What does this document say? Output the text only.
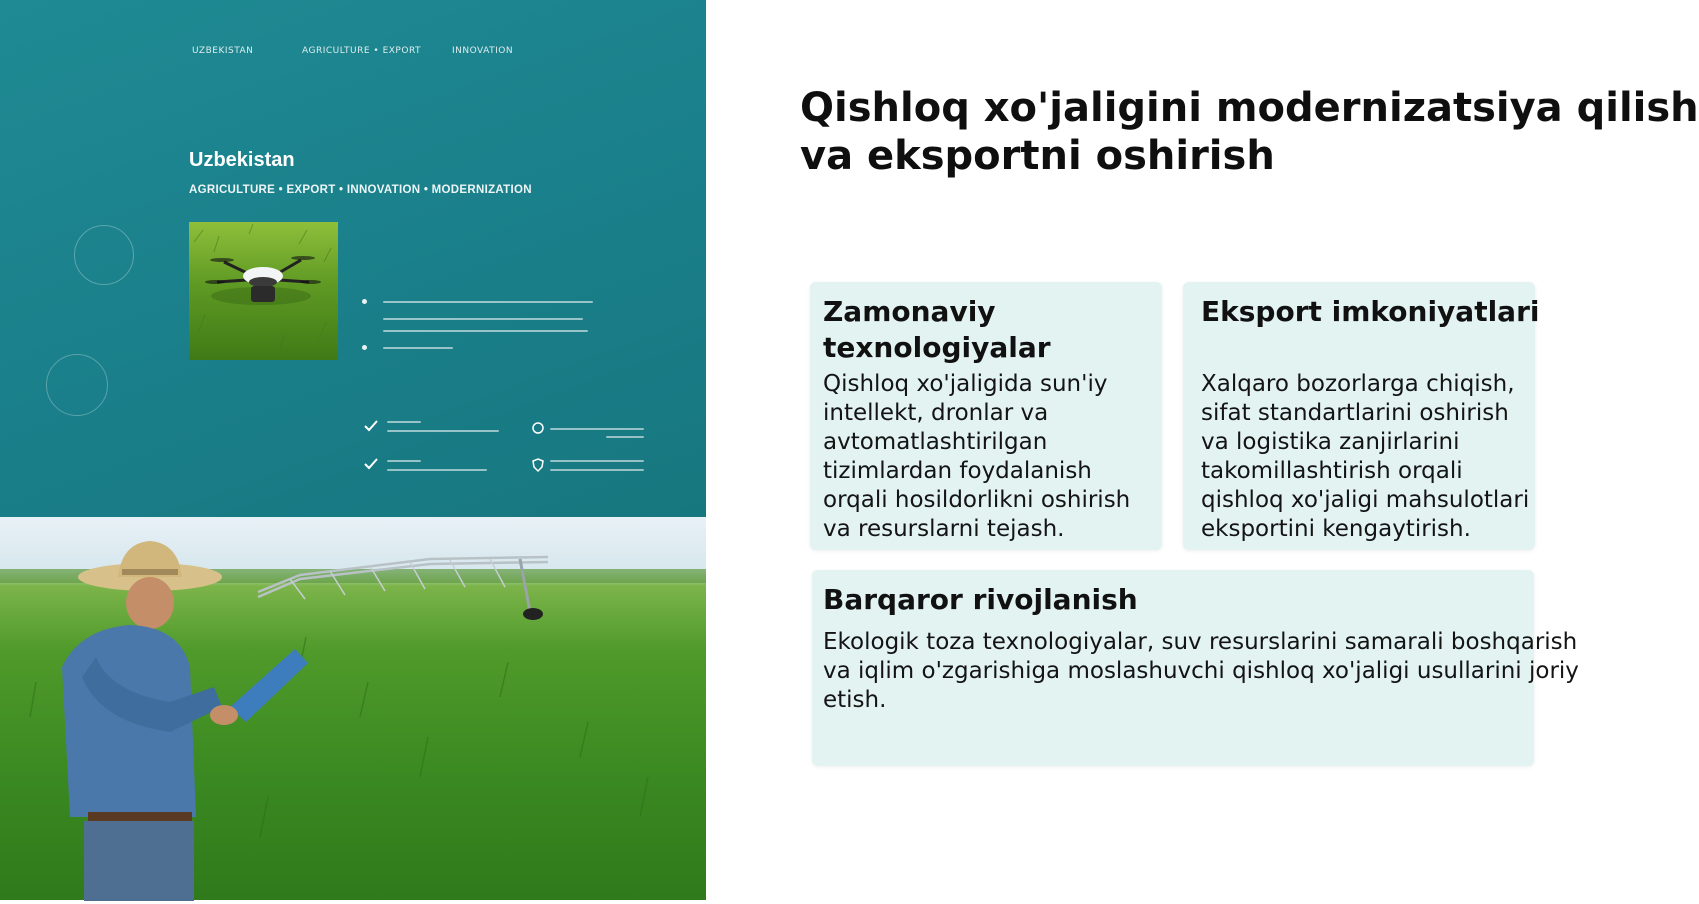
UZBEKISTAN	AGRICULTURE • EXPORT	INNOVATION
Uzbekistan
AGRICULTURE • EXPORT • INNOVATION • MODERNIZATION
Qishloq xo'jaligini modernizatsiya qilish
va eksportni oshirish
Zamonaviy texnologiyalar
Qishloq xo'jaligida sun'iy intellekt, dronlar va avtomatlashtirilgan tizimlardan foydalanish orqali hosildorlikni oshirish va resurslarni tejash.
Eksport imkoniyatlari
Xalqaro bozorlarga chiqish, sifat standartlarini oshirish va logistika zanjirlarini takomillashtirish orqali qishloq xo'jaligi mahsulotlari eksportini kengaytirish.
Barqaror rivojlanish
Ekologik toza texnologiyalar, suv resurslarini samarali boshqarish va iqlim o'zgarishiga moslashuvchi qishloq xo'jaligi usullarini joriy etish.
